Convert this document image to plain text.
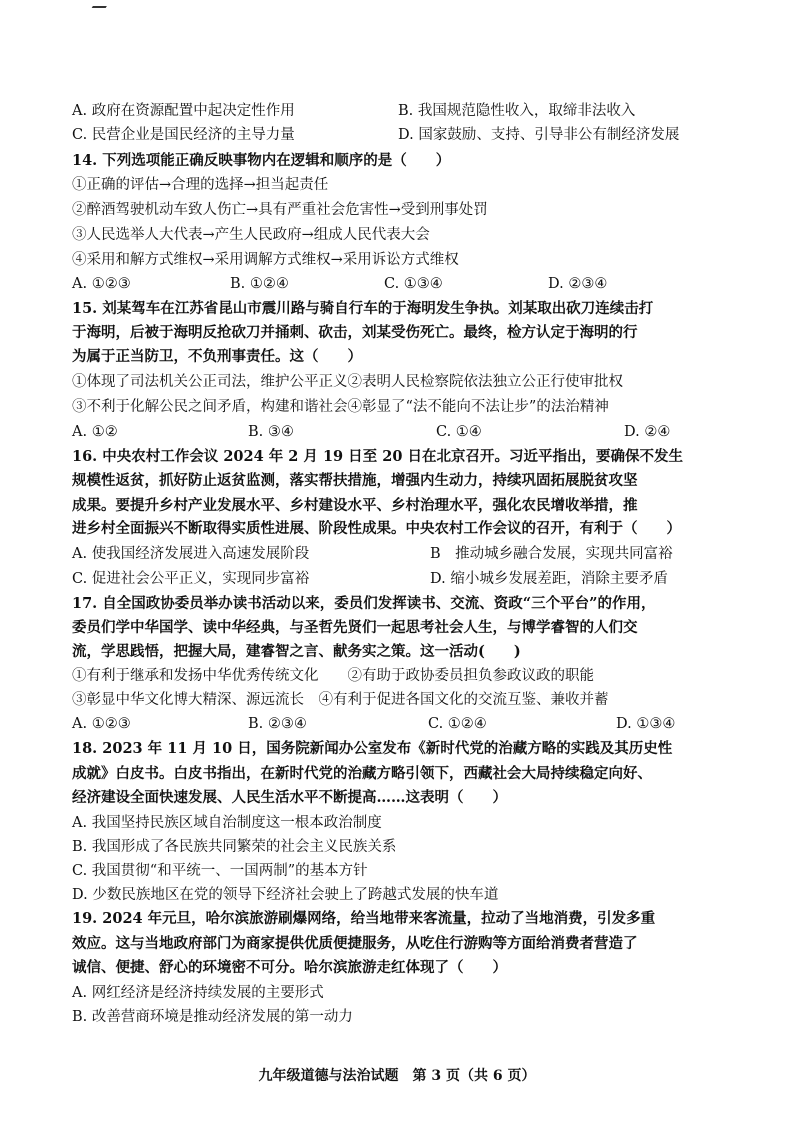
A. 政府在资源配置中起决定性作用	B. 我国规范隐性收入，取缔非法收入
C. 民营企业是国民经济的主导力量	D. 国家鼓励、支持、引导非公有制经济发展
14. 下列选项能正确反映事物内在逻辑和顺序的是（　　）
①正确的评估→合理的选择→担当起责任
②醉酒驾驶机动车致人伤亡→具有严重社会危害性→受到刑事处罚
③人民选举人大代表→产生人民政府→组成人民代表大会
④采用和解方式维权→采用调解方式维权→采用诉讼方式维权
A. ①②③	B. ①②④	C. ①③④	D. ②③④
15. 刘某驾车在江苏省昆山市震川路与骑自行车的于海明发生争执。刘某取出砍刀连续击打
于海明，后被于海明反抢砍刀并捅刺、砍击，刘某受伤死亡。最终，检方认定于海明的行
为属于正当防卫，不负刑事责任。这（　　）
①体现了司法机关公正司法，维护公平正义②表明人民检察院依法独立公正行使审批权
③不利于化解公民之间矛盾，构建和谐社会④彰显了“法不能向不法让步”的法治精神
A. ①②	B. ③④	C. ①④	D. ②④
16. 中央农村工作会议 2024 年 2 月 19 日至 20 日在北京召开。习近平指出，要确保不发生
规模性返贫，抓好防止返贫监测，落实帮扶措施，增强内生动力，持续巩固拓展脱贫攻坚
成果。要提升乡村产业发展水平、乡村建设水平、乡村治理水平，强化农民增收举措，推
进乡村全面振兴不断取得实质性进展、阶段性成果。中央农村工作会议的召开，有利于（　　）
A. 使我国经济发展进入高速发展阶段	B　推动城乡融合发展，实现共同富裕
C. 促进社会公平正义，实现同步富裕	D. 缩小城乡发展差距，消除主要矛盾
17. 自全国政协委员举办读书活动以来，委员们发挥读书、交流、资政“三个平台”的作用，
委员们学中华国学、读中华经典，与圣哲先贤们一起思考社会人生，与博学睿智的人们交
流，学思践悟，把握大局，建睿智之言、献务实之策。这一活动(　　)
①有利于继承和发扬中华优秀传统文化　　②有助于政协委员担负参政议政的职能
③彰显中华文化博大精深、源远流长　④有利于促进各国文化的交流互鉴、兼收并蓄
A. ①②③	B. ②③④	C. ①②④	D. ①③④
18. 2023 年 11 月 10 日，国务院新闻办公室发布《新时代党的治藏方略的实践及其历史性
成就》白皮书。白皮书指出，在新时代党的治藏方略引领下，西藏社会大局持续稳定向好、
经济建设全面快速发展、人民生活水平不断提高……这表明（　　）
A. 我国坚持民族区域自治制度这一根本政治制度
B. 我国形成了各民族共同繁荣的社会主义民族关系
C. 我国贯彻“和平统一、一国两制”的基本方针
D. 少数民族地区在党的领导下经济社会驶上了跨越式发展的快车道
19. 2024 年元旦，哈尔滨旅游刷爆网络，给当地带来客流量，拉动了当地消费，引发多重
效应。这与当地政府部门为商家提供优质便捷服务，从吃住行游购等方面给消费者营造了
诚信、便捷、舒心的环境密不可分。哈尔滨旅游走红体现了（　　）
A. 网红经济是经济持续发展的主要形式
B. 改善营商环境是推动经济发展的第一动力
九年级道德与法治试题　第 3 页（共 6 页）
